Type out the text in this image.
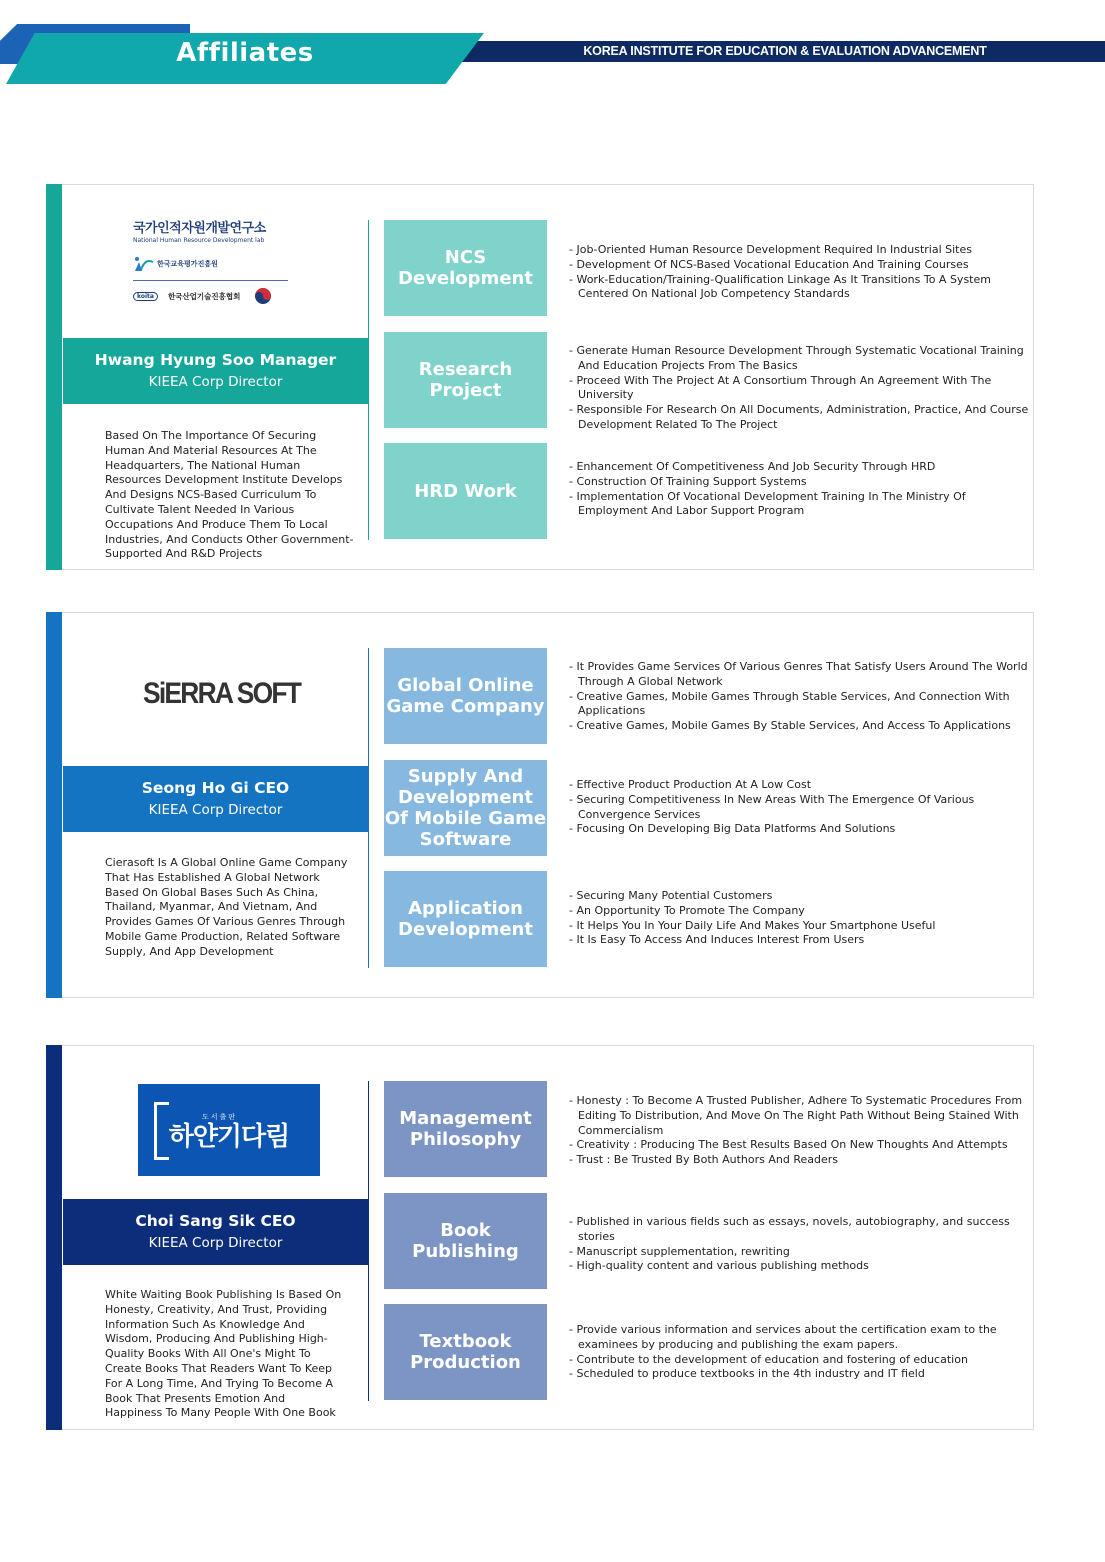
Affiliates	KOREA INSTITUTE FOR EDUCATION & EVALUATION ADVANCEMENT
국가인적자원개발연구소
National Human Resource Development lab
한국교육평가진흥원
koita	한국산업기술진흥협회
Hwang Hyung Soo Manager
KIEEA Corp Director
Based On The Importance Of Securing Human And Material Resources At The Headquarters, The National Human Resources Development Institute Develops And Designs NCS-Based Curriculum To Cultivate Talent Needed In Various Occupations And Produce Them To Local Industries, And Conducts Other Government-Supported And R&D Projects
NCS Development
- Job-Oriented Human Resource Development Required In Industrial Sites
- Development Of NCS-Based Vocational Education And Training Courses
- Work-Education/Training-Qualification Linkage As It Transitions To A System Centered On National Job Competency Standards
Research Project
- Generate Human Resource Development Through Systematic Vocational Training And Education Projects From The Basics
- Proceed With The Project At A Consortium Through An Agreement With The University
- Responsible For Research On All Documents, Administration, Practice, And Course Development Related To The Project
HRD Work
- Enhancement Of Competitiveness And Job Security Through HRD
- Construction Of Training Support Systems
- Implementation Of Vocational Development Training In The Ministry Of Employment And Labor Support Program
SiERRA SOFT
Seong Ho Gi CEO
KIEEA Corp Director
Cierasoft Is A Global Online Game Company That Has Established A Global Network Based On Global Bases Such As China, Thailand, Myanmar, And Vietnam, And Provides Games Of Various Genres Through Mobile Game Production, Related Software Supply, And App Development
Global Online Game Company
- It Provides Game Services Of Various Genres That Satisfy Users Around The World Through A Global Network
- Creative Games, Mobile Games Through Stable Services, And Connection With Applications
- Creative Games, Mobile Games By Stable Services, And Access To Applications
Supply And Development Of Mobile Game Software
- Effective Product Production At A Low Cost
- Securing Competitiveness In New Areas With The Emergence Of Various Convergence Services
- Focusing On Developing Big Data Platforms And Solutions
Application Development
- Securing Many Potential Customers
- An Opportunity To Promote The Company
- It Helps You In Your Daily Life And Makes Your Smartphone Useful
- It Is Easy To Access And Induces Interest From Users
도서출판
하얀기다림
Choi Sang Sik CEO
KIEEA Corp Director
White Waiting Book Publishing Is Based On Honesty, Creativity, And Trust, Providing Information Such As Knowledge And Wisdom, Producing And Publishing High-Quality Books With All One's Might To Create Books That Readers Want To Keep For A Long Time, And Trying To Become A Book That Presents Emotion And Happiness To Many People With One Book
Management Philosophy
- Honesty : To Become A Trusted Publisher, Adhere To Systematic Procedures From Editing To Distribution, And Move On The Right Path Without Being Stained With Commercialism
- Creativity : Producing The Best Results Based On New Thoughts And Attempts
- Trust : Be Trusted By Both Authors And Readers
Book Publishing
- Published in various fields such as essays, novels, autobiography, and success stories
- Manuscript supplementation, rewriting
- High-quality content and various publishing methods
Textbook Production
- Provide various information and services about the certification exam to the examinees by producing and publishing the exam papers.
- Contribute to the development of education and fostering of education
- Scheduled to produce textbooks in the 4th industry and IT field
